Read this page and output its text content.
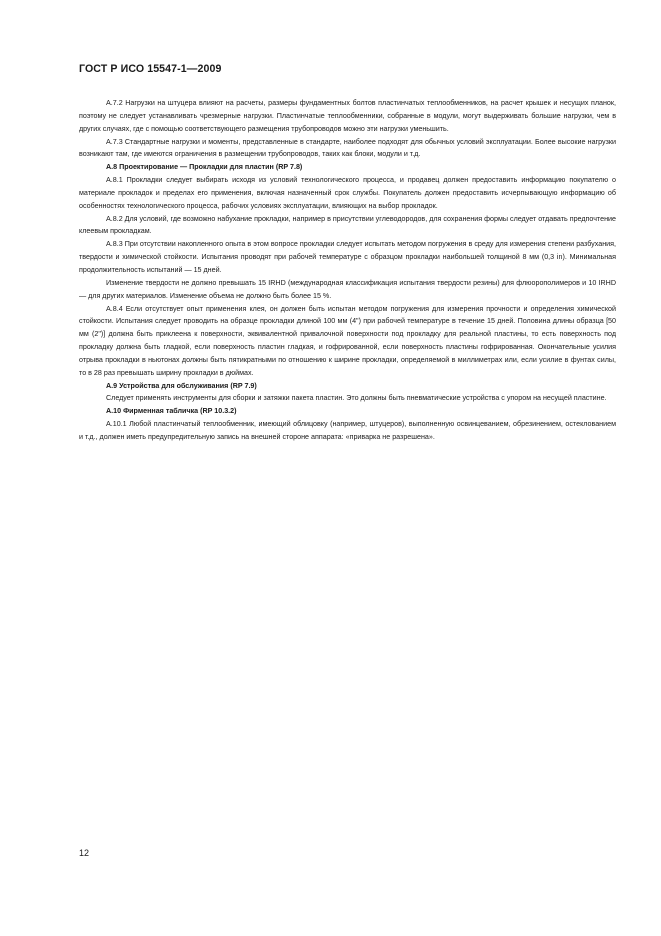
ГОСТ Р ИСО 15547-1—2009

А.7.2 Нагрузки на штуцера влияют на расчеты, размеры фундаментных болтов пластинчатых теплообменников, на расчет крышек и несущих планок, поэтому не следует устанавливать чрезмерные нагрузки. Пластинчатые теплообменники, собранные в модули, могут выдерживать большие нагрузки, чем в других случаях, где с помощью соответствующего размещения трубопроводов можно эти нагрузки уменьшить.

А.7.3 Стандартные нагрузки и моменты, представленные в стандарте, наиболее подходят для обычных условий эксплуатации. Более высокие нагрузки возникают там, где имеются ограничения в размещении трубопроводов, таких как блоки, модули и т.д.

А.8 Проектирование — Прокладки для пластин (RP 7.8)

А.8.1 Прокладки следует выбирать исходя из условий технологического процесса, и продавец должен предоставить информацию покупателю о материале прокладок и пределах его применения, включая назначенный срок службы. Покупатель должен предоставить исчерпывающую информацию об особенностях технологического процесса, рабочих условиях эксплуатации, влияющих на выбор прокладок.

А.8.2 Для условий, где возможно набухание прокладки, например в присутствии углеводородов, для сохранения формы следует отдавать предпочтение клеевым прокладкам.

А.8.3 При отсутствии накопленного опыта в этом вопросе прокладки следует испытать методом погружения в среду для измерения степени разбухания, твердости и химической стойкости. Испытания проводят при рабочей температуре с образцом прокладки наибольшей толщиной 8 мм (0,3 in). Минимальная продолжительность испытаний — 15 дней.

Изменение твердости не должно превышать 15 IRHD (международная классификация испытания твердости резины) для флюорополимеров и 10 IRHD — для других материалов. Изменение объема не должно быть более 15 %.

А.8.4 Если отсутствует опыт применения клея, он должен быть испытан методом погружения для измерения прочности и определения химической стойкости. Испытания следует проводить на образце прокладки длиной 100 мм (4") при рабочей температуре в течение 15 дней. Половина длины образца [50 мм (2")] должна быть приклеена к поверхности, эквивалентной привалочной поверхности под прокладку для реальной пластины, то есть поверхность под прокладку должна быть гладкой, если поверхность пластин гладкая, и гофрированной, если поверхность пластины гофрированная. Окончательные усилия отрыва прокладки в ньютонах должны быть пятикратными по отношению к ширине прокладки, определяемой в миллиметрах или, если усилие в фунтах силы, то в 28 раз превышать ширину прокладки в дюймах.

А.9 Устройства для обслуживания (RP 7.9)

Следует применять инструменты для сборки и затяжки пакета пластин. Это должны быть пневматические устройства с упором на несущей пластине.

А.10 Фирменная табличка (RP 10.3.2)

А.10.1 Любой пластинчатый теплообменник, имеющий облицовку (например, штуцеров), выполненную освинцеванием, обрезинением, остеклованием и т.д., должен иметь предупредительную запись на внешней стороне аппарата: «приварка не разрешена».

12
